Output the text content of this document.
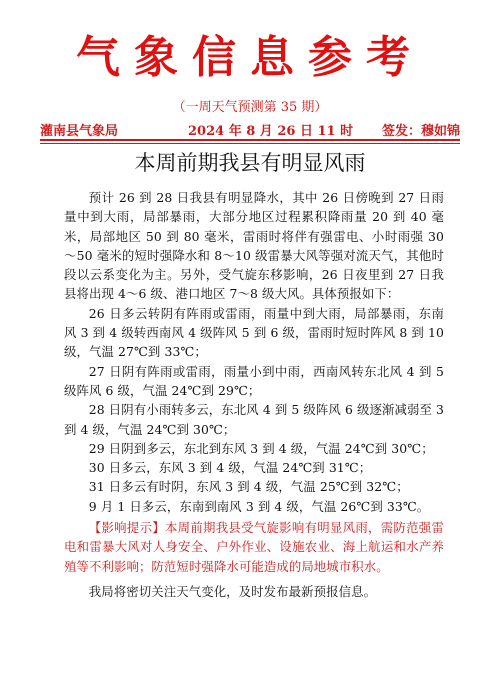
气象信息参考
（一周天气预测第 35 期）
灌南县气象局	2024 年 8 月 26 日 11 时 签发：穆如锦
本周前期我县有明显风雨

预计 26 到 28 日我县有明显降水，其中 26 日傍晚到 27 日雨量中到大雨，局部暴雨，大部分地区过程累积降雨量 20 到 40 毫米，局部地区 50 到 80 毫米，雷雨时将伴有强雷电、小时雨强 30～50 毫米的短时强降水和 8～10 级雷暴大风等强对流天气，其他时段以云系变化为主。另外，受气旋东移影响，26 日夜里到 27 日我县将出现 4～6 级、港口地区 7～8 级大风。具体预报如下：

26 日多云转阴有阵雨或雷雨，雨量中到大雨，局部暴雨，东南风 3 到 4 级转西南风 4 级阵风 5 到 6 级，雷雨时短时阵风 8 到 10 级，气温 27℃到 33℃；

27 日阴有阵雨或雷雨，雨量小到中雨，西南风转东北风 4 到 5 级阵风 6 级，气温 24℃到 29℃；

28 日阴有小雨转多云，东北风 4 到 5 级阵风 6 级逐渐减弱至 3 到 4 级，气温 24℃到 30℃；

29 日阴到多云，东北到东风 3 到 4 级，气温 24℃到 30℃；

30 日多云，东风 3 到 4 级，气温 24℃到 31℃；

31 日多云有时阴，东风 3 到 4 级，气温 25℃到 32℃；

9 月 1 日多云，东南到南风 3 到 4 级，气温 26℃到 33℃。

【影响提示】本周前期我县受气旋影响有明显风雨，需防范强雷电和雷暴大风对人身安全、户外作业、设施农业、海上航运和水产养殖等不利影响；防范短时强降水可能造成的局地城市积水。

我局将密切关注天气变化，及时发布最新预报信息。
